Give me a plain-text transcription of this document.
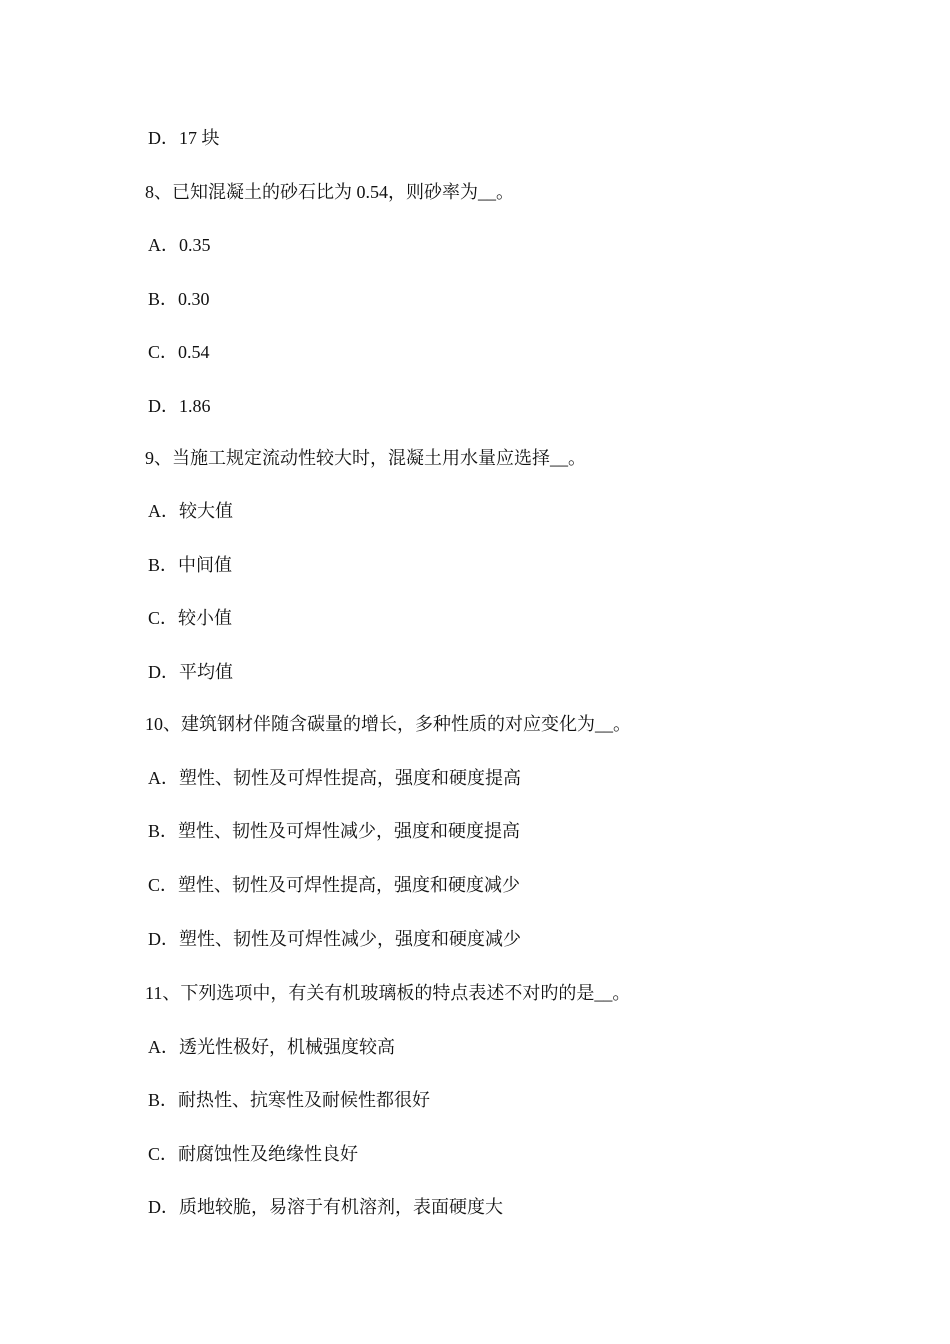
D．17 块
8、已知混凝土的砂石比为 0.54，则砂率为__。
A．0.35
B．0.30
C．0.54
D．1.86
9、当施工规定流动性较大时，混凝土用水量应选择__。
A．较大值
B．中间值
C．较小值
D．平均值
10、建筑钢材伴随含碳量的增长，多种性质的对应变化为__。
A．塑性、韧性及可焊性提高，强度和硬度提高
B．塑性、韧性及可焊性减少，强度和硬度提高
C．塑性、韧性及可焊性提高，强度和硬度减少
D．塑性、韧性及可焊性减少，强度和硬度减少
11、下列选项中，有关有机玻璃板的特点表述不对旳的是__。
A．透光性极好，机械强度较高
B．耐热性、抗寒性及耐候性都很好
C．耐腐蚀性及绝缘性良好
D．质地较脆，易溶于有机溶剂，表面硬度大
